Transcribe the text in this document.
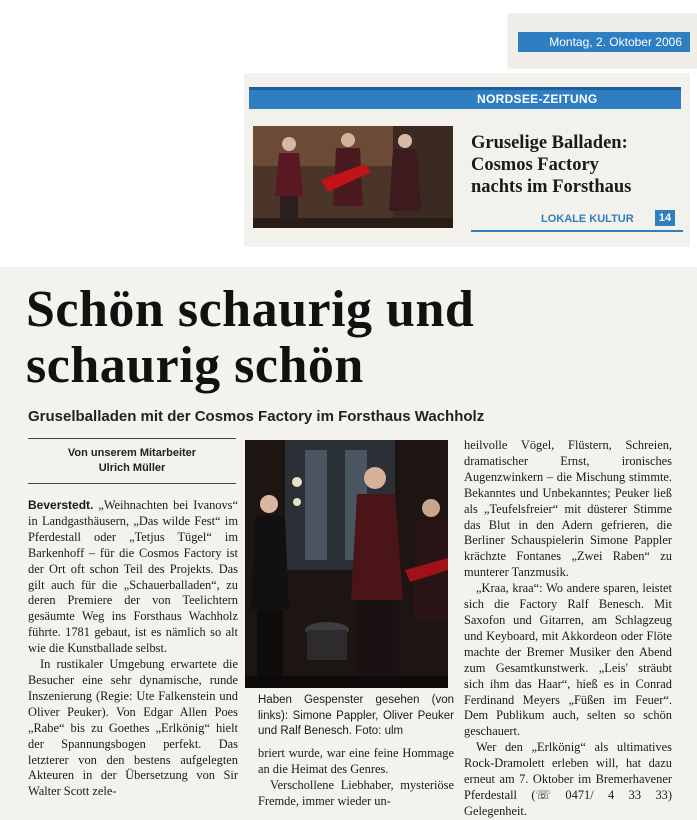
Montag, 2. Oktober 2006
NORDSEE-ZEITUNG
Gruselige Balladen:
Cosmos Factory
nachts im Forsthaus
LOKALE KULTUR	14
Schön schaurig und
schaurig schön
Gruselballaden mit der Cosmos Factory im Forsthaus Wachholz
Von unserem Mitarbeiter
Ulrich Müller
Beverstedt. „Weihnachten bei Ivanovs“ in Landgasthäusern, „Das wilde Fest“ im Pferdestall oder „Tetjus Tügel“ im Barkenhoff – für die Cosmos Factory ist der Ort oft schon Teil des Projekts. Das gilt auch für die „Schauerballaden“, zu deren Premiere der von Teelichtern gesäumte Weg ins Forsthaus Wachholz führte. 1781 gebaut, ist es nämlich so alt wie die Kunstballade selbst.
In rustikaler Umgebung erwartete die Besucher eine sehr dynamische, runde Inszenierung (Regie: Ute Falkenstein und Oliver Peuker). Von Edgar Allen Poes „Rabe“ bis zu Goethes „Erlkönig“ hielt der Spannungsbogen perfekt. Das letzterer von den bestens aufgelegten Akteuren in der Übersetzung von Sir Walter Scott zele-
Haben Gespenster gesehen (von links): Simone Pappler, Oliver Peuker und Ralf Benesch. Foto: ulm
briert wurde, war eine feine Hommage an die Heimat des Genres.
Verschollene Liebhaber, mysteriöse Fremde, immer wieder un-
heilvolle Vögel, Flüstern, Schreien, dramatischer Ernst, ironisches Augenzwinkern – die Mischung stimmte. Bekanntes und Unbekanntes; Peuker ließ als „Teufelsfreier“ mit düsterer Stimme das Blut in den Adern gefrieren, die Berliner Schauspielerin Simone Pappler krächzte Fontanes „Zwei Raben“ zu munterer Tanzmusik.
„Kraa, kraa“: Wo andere sparen, leistet sich die Factory Ralf Benesch. Mit Saxofon und Gitarren, am Schlagzeug und Keyboard, mit Akkordeon oder Flöte machte der Bremer Musiker den Abend zum Gesamtkunstwerk. „Leis' sträubt sich ihm das Haar“, hieß es in Conrad Ferdinand Meyers „Füßen im Feuer“. Dem Publikum auch, selten so schön geschauert.
Wer den „Erlkönig“ als ultimatives Rock-Dramolett erleben will, hat dazu erneut am 7. Oktober im Bremerhavener Pferdestall (☏ 0471/ 4 33 33) Gelegenheit.
